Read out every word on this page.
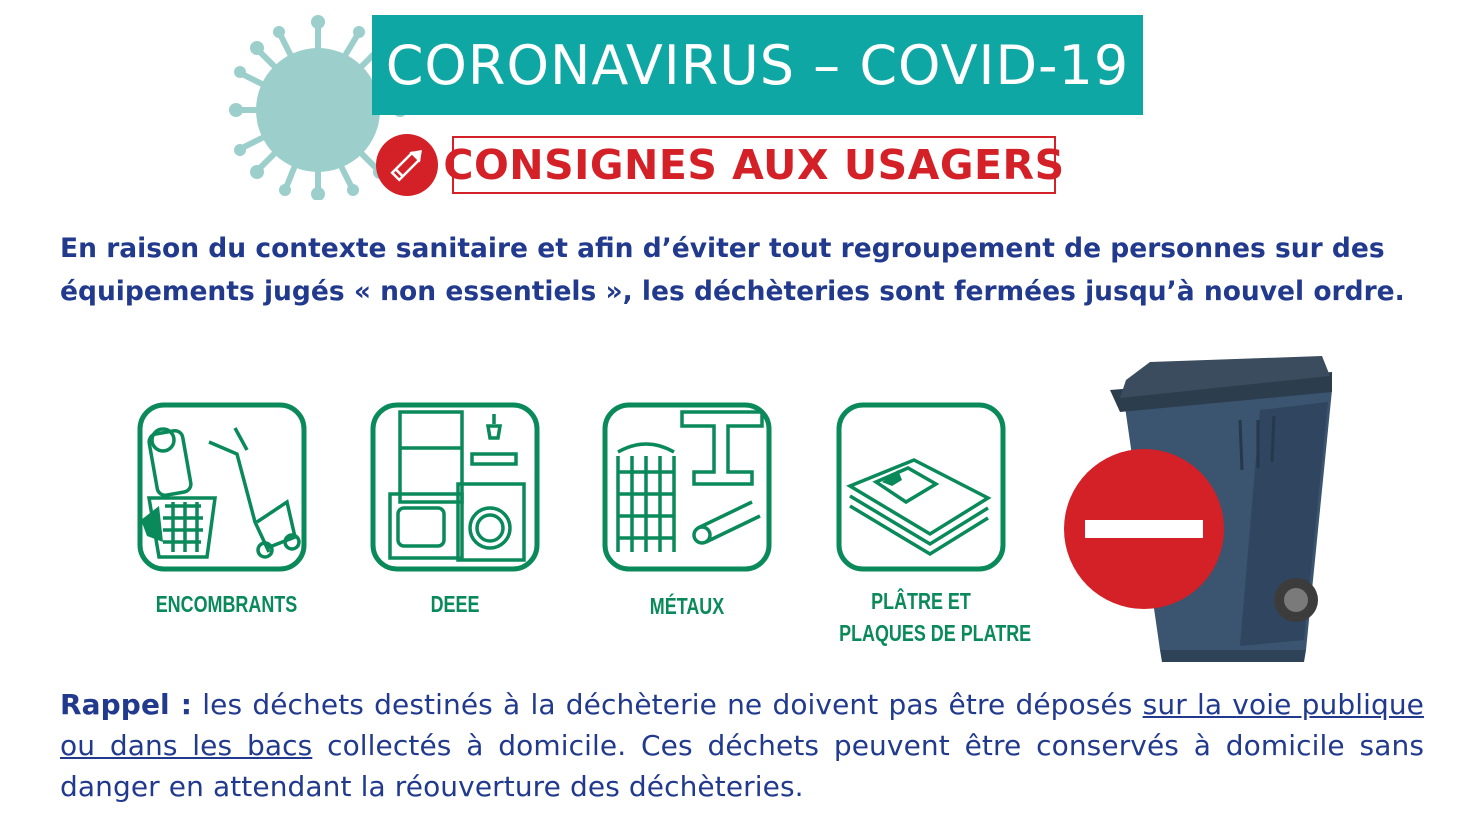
CORONAVIRUS – COVID-19
CONSIGNES AUX USAGERS
En raison du contexte sanitaire et afin d’éviter tout regroupement de personnes sur des
équipements jugés « non essentiels », les déchèteries sont fermées jusqu’à nouvel ordre.
ENCOMBRANTS	DEEE	MÉTAUX	PLÂTRE ET
PLAQUES DE PLATRE
Rappel : les déchets destinés à la déchèterie ne doivent pas être déposés sur la voie publique ou dans les bacs collectés à domicile. Ces déchets peuvent être conservés à domicile sans danger en attendant la réouverture des déchèteries.
